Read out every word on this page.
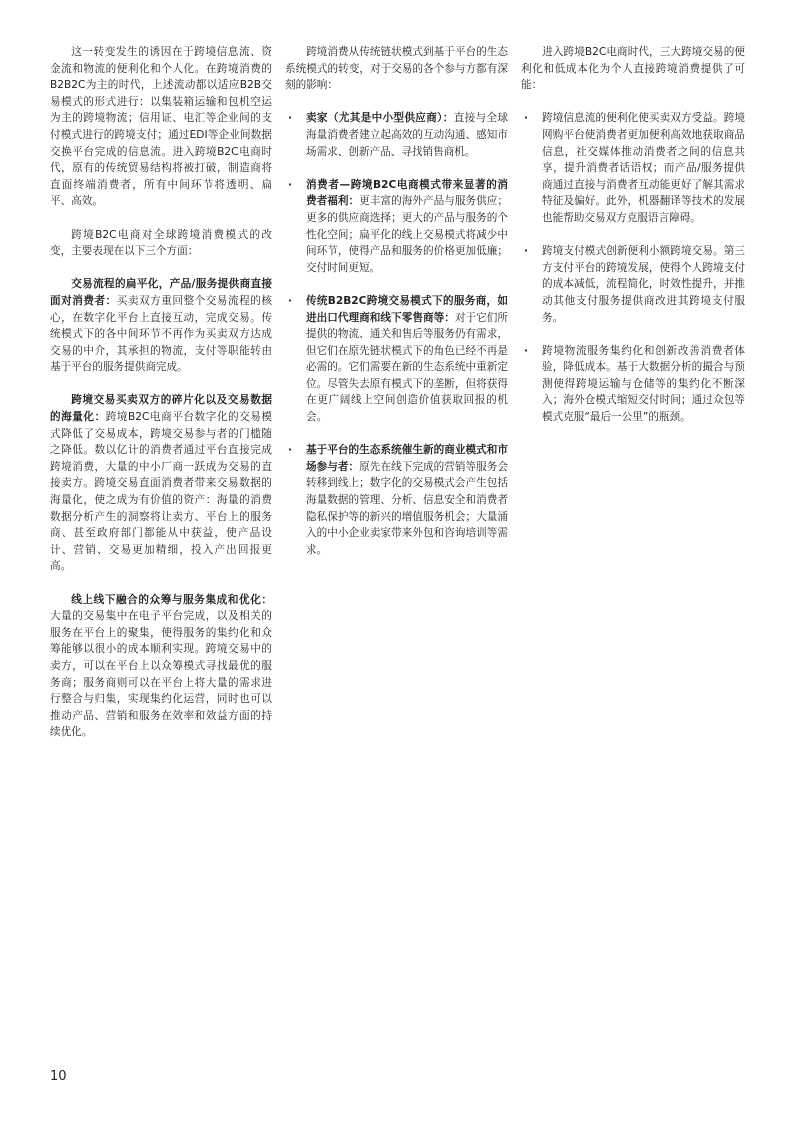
这一转变发生的诱因在于跨境信息流、资金流和物流的便利化和个人化。在跨境消费的B2B2C为主的时代，上述流动都以适应B2B交易模式的形式进行：以集装箱运输和包机空运为主的跨境物流；信用证、电汇等企业间的支付模式进行的跨境支付；通过EDI等企业间数据交换平台完成的信息流。进入跨境B2C电商时代，原有的传统贸易结构将被打破，制造商将直面终端消费者，所有中间环节将透明、扁平、高效。

跨境B2C电商对全球跨境消费模式的改变，主要表现在以下三个方面：

交易流程的扁平化，产品/服务提供商直接面对消费者：买卖双方重回整个交易流程的核心，在数字化平台上直接互动，完成交易。传统模式下的各中间环节不再作为买卖双方达成交易的中介，其承担的物流，支付等职能转由基于平台的服务提供商完成。

跨境交易买卖双方的碎片化以及交易数据的海量化：跨境B2C电商平台数字化的交易模式降低了交易成本，跨境交易参与者的门槛随之降低。数以亿计的消费者通过平台直接完成跨境消费，大量的中小厂商一跃成为交易的直接卖方。跨境交易直面消费者带来交易数据的海量化，使之成为有价值的资产：海量的消费数据分析产生的洞察将让卖方、平台上的服务商、甚至政府部门都能从中获益，使产品设计、营销、交易更加精细，投入产出回报更高。

线上线下融合的众筹与服务集成和优化：大量的交易集中在电子平台完成，以及相关的服务在平台上的聚集，使得服务的集约化和众筹能够以很小的成本顺利实现。跨境交易中的卖方，可以在平台上以众筹模式寻找最优的服务商；服务商则可以在平台上将大量的需求进行整合与归集，实现集约化运营，同时也可以推动产品、营销和服务在效率和效益方面的持续优化。

跨境消费从传统链状模式到基于平台的生态系统模式的转变，对于交易的各个参与方都有深刻的影响：

· 卖家（尤其是中小型供应商）：直接与全球海量消费者建立起高效的互动沟通、感知市场需求、创新产品、寻找销售商机。
· 消费者—跨境B2C电商模式带来显著的消费者福利：更丰富的海外产品与服务供应；更多的供应商选择；更大的产品与服务的个性化空间；扁平化的线上交易模式将减少中间环节，使得产品和服务的价格更加低廉；交付时间更短。
· 传统B2B2C跨境交易模式下的服务商，如进出口代理商和线下零售商等：对于它们所提供的物流、通关和售后等服务仍有需求，但它们在原先链状模式下的角色已经不再是必需的。它们需要在新的生态系统中重新定位。尽管失去原有模式下的垄断，但将获得在更广阔线上空间创造价值获取回报的机会。
· 基于平台的生态系统催生新的商业模式和市场参与者：原先在线下完成的营销等服务会转移到线上；数字化的交易模式会产生包括海量数据的管理、分析、信息安全和消费者隐私保护等的新兴的增值服务机会；大量涌入的中小企业卖家带来外包和咨询培训等需求。

进入跨境B2C电商时代，三大跨境交易的便利化和低成本化为个人直接跨境消费提供了可能：

· 跨境信息流的便利化使买卖双方受益。跨境网购平台使消费者更加便利高效地获取商品信息，社交媒体推动消费者之间的信息共享，提升消费者话语权；而产品/服务提供商通过直接与消费者互动能更好了解其需求特征及偏好。此外，机器翻译等技术的发展也能帮助交易双方克服语言障碍。
· 跨境支付模式创新便利小额跨境交易。第三方支付平台的跨境发展，使得个人跨境支付的成本减低，流程简化，时效性提升，并推动其他支付服务提供商改进其跨境支付服务。
· 跨境物流服务集约化和创新改善消费者体验，降低成本。基于大数据分析的撮合与预测使得跨境运输与仓储等的集约化不断深入；海外仓模式缩短交付时间；通过众包等模式克服“最后一公里”的瓶颈。
10
